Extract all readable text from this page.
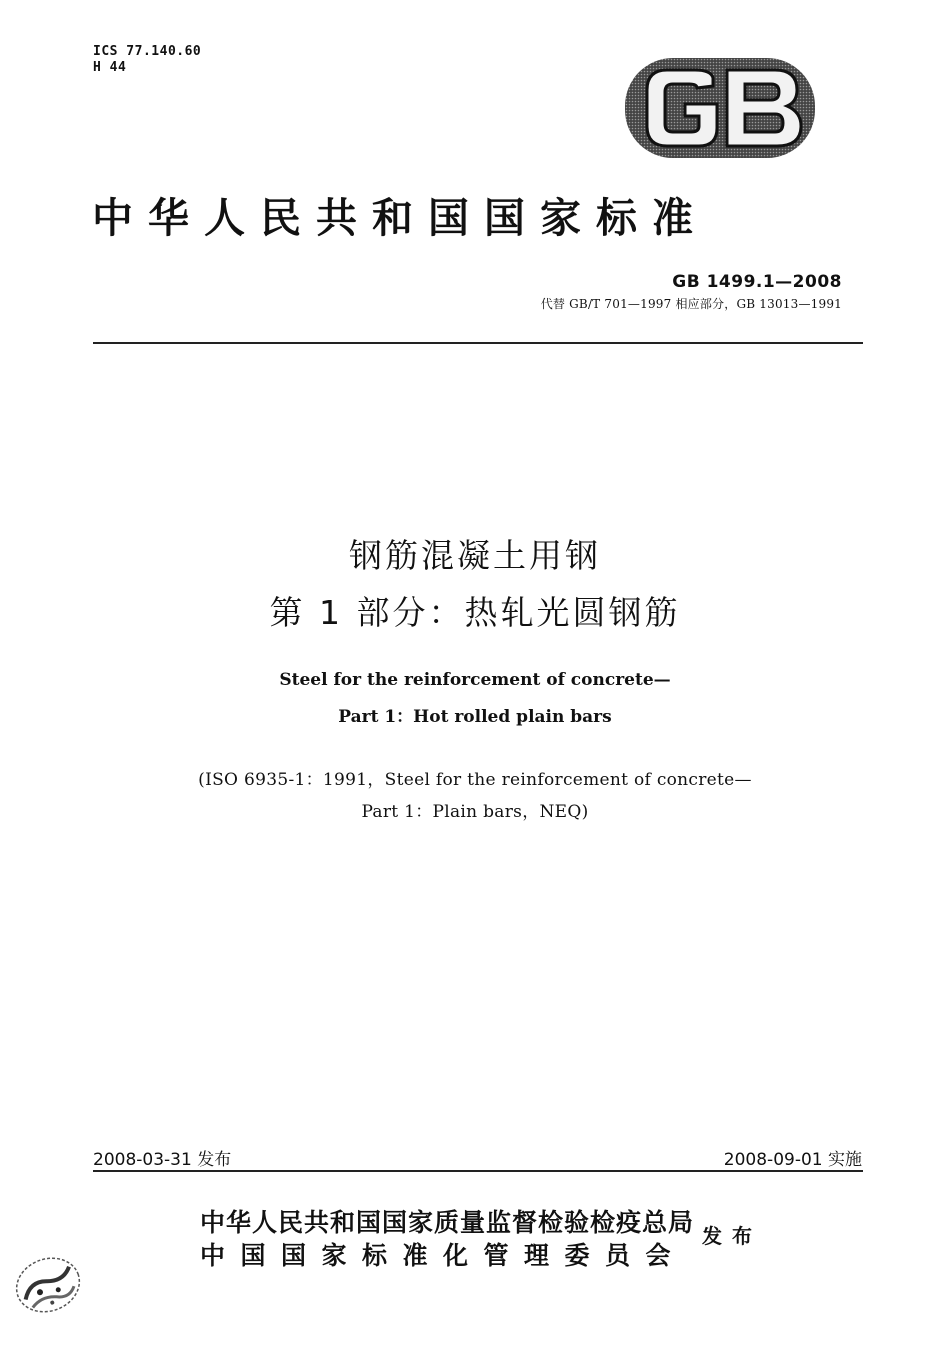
ICS 77.140.60
H 44
GB
中华人民共和国国家标准
GB 1499.1—2008
代替 GB/T 701—1997 相应部分，GB 13013—1991
钢筋混凝土用钢
第 1 部分：热轧光圆钢筋
Steel for the reinforcement of concrete—
Part 1：Hot rolled plain bars
(ISO 6935-1：1991，Steel for the reinforcement of concrete—
Part 1：Plain bars，NEQ)
2008-03-31 发布	2008-09-01 实施
中华人民共和国国家质量监督检验检疫总局
中国国家标准化管理委员会
发布
标准分享网
